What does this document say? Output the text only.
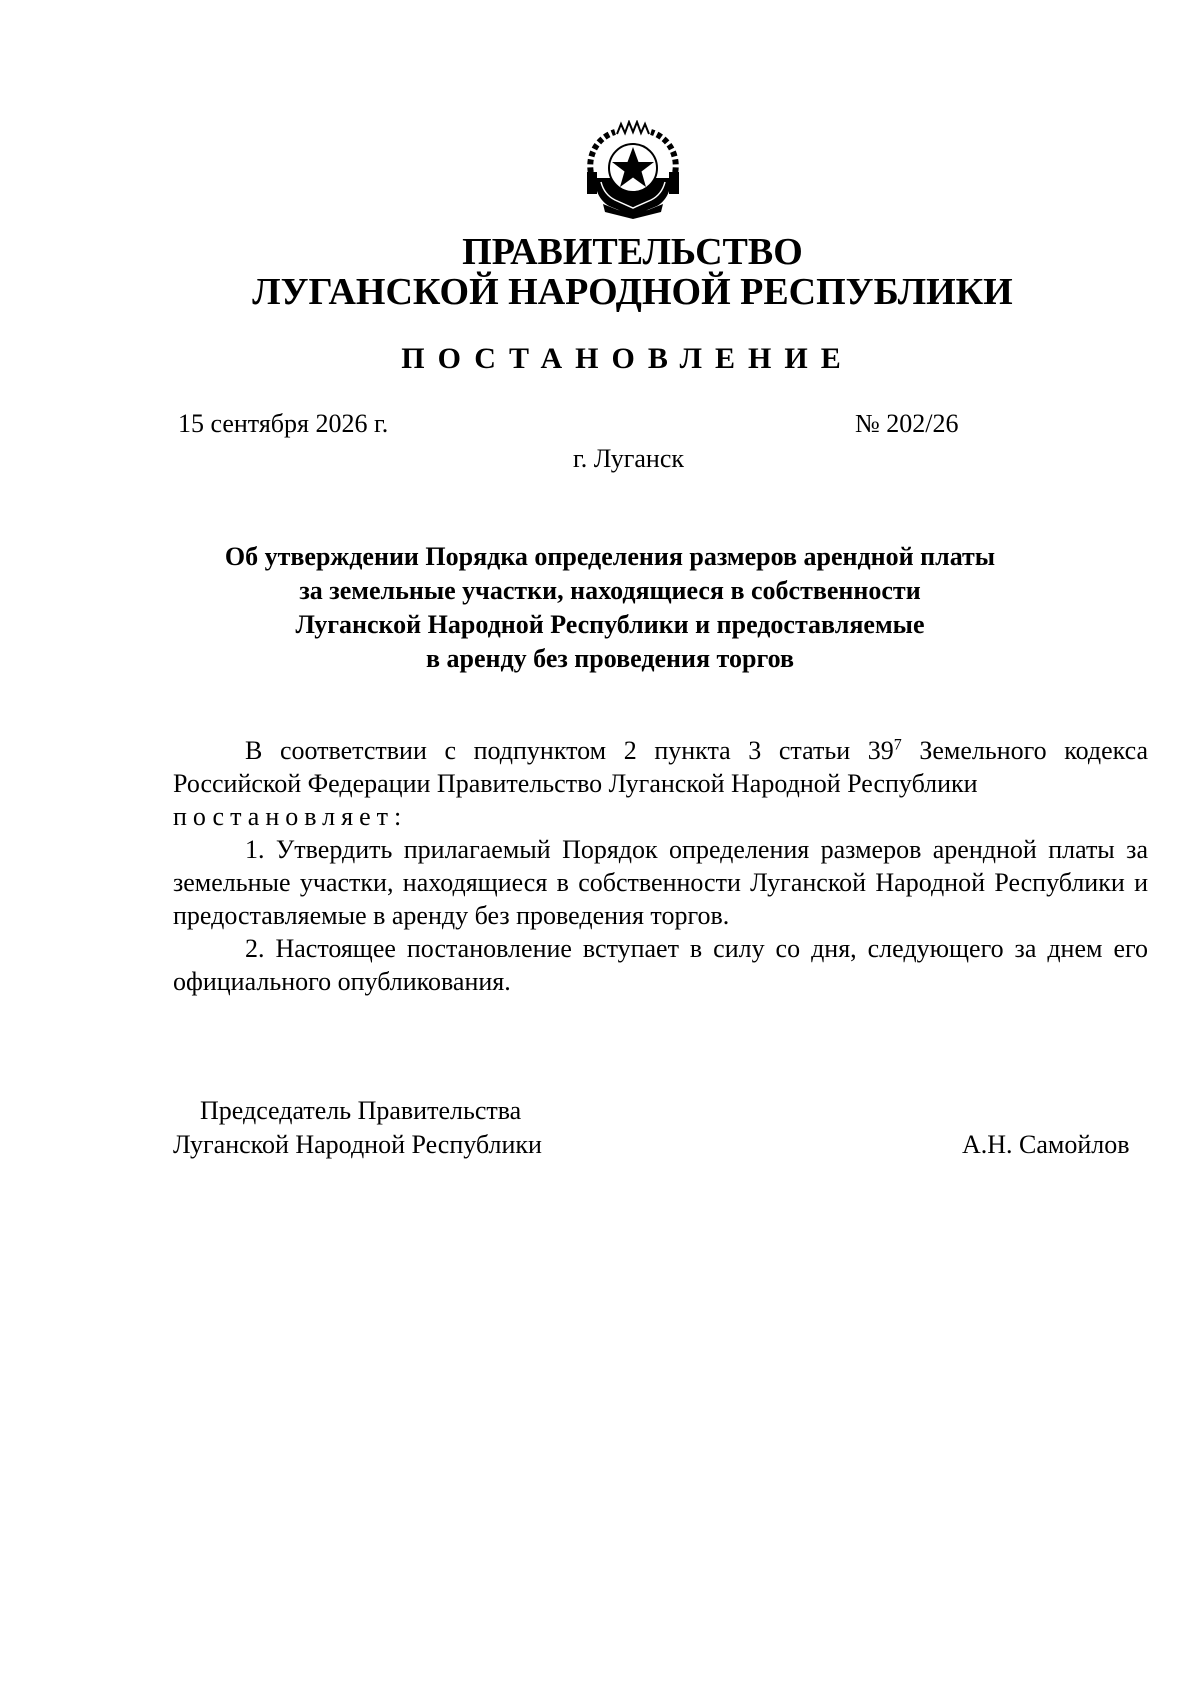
ПРАВИТЕЛЬСТВО
ЛУГАНСКОЙ НАРОДНОЙ РЕСПУБЛИКИ
ПОСТАНОВЛЕНИЕ
15 сентября 2026 г.	№ 202/26
г. Луганск
Об утверждении Порядка определения размеров арендной платы
за земельные участки, находящиеся в собственности
Луганской Народной Республики и предоставляемые
в аренду без проведения торгов
В соответствии с подпунктом 2 пункта 3 статьи $39^7$ Земельного кодекса Российской Федерации Правительство Луганской Народной Республики
постановляет:
1. Утвердить прилагаемый Порядок определения размеров арендной платы за земельные участки, находящиеся в собственности Луганской Народной Республики и предоставляемые в аренду без проведения торгов.
2. Настоящее постановление вступает в силу со дня, следующего за днем его официального опубликования.
Председатель Правительства
Луганской Народной Республики	А.Н. Самойлов
